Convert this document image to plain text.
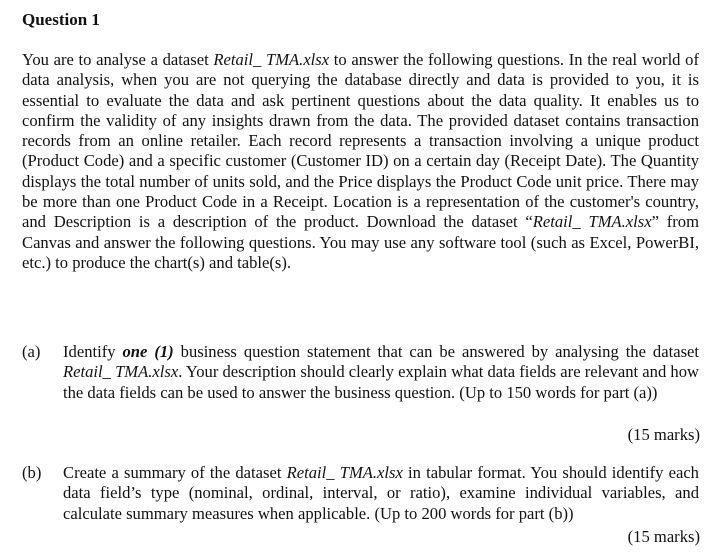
Question 1

You are to analyse a dataset Retail_ TMA.xlsx to answer the following questions. In the real world of data analysis, when you are not querying the database directly and data is provided to you, it is essential to evaluate the data and ask pertinent questions about the data quality. It enables us to confirm the validity of any insights drawn from the data. The provided dataset contains transaction records from an online retailer. Each record represents a transaction involving a unique product (Product Code) and a specific customer (Customer ID) on a certain day (Receipt Date). The Quantity displays the total number of units sold, and the Price displays the Product Code unit price. There may be more than one Product Code in a Receipt. Location is a representation of the customer's country, and Description is a description of the product. Download the dataset “Retail_ TMA.xlsx” from Canvas and answer the following questions. You may use any software tool (such as Excel, PowerBI, etc.) to produce the chart(s) and table(s).

(a) Identify one (1) business question statement that can be answered by analysing the dataset Retail_ TMA.xlsx. Your description should clearly explain what data fields are relevant and how the data fields can be used to answer the business question. (Up to 150 words for part (a))

(15 marks)
(b) Create a summary of the dataset Retail_ TMA.xlsx in tabular format. You should identify each data field’s type (nominal, ordinal, interval, or ratio), examine individual variables, and calculate summary measures when applicable. (Up to 200 words for part (b))

(15 marks)
